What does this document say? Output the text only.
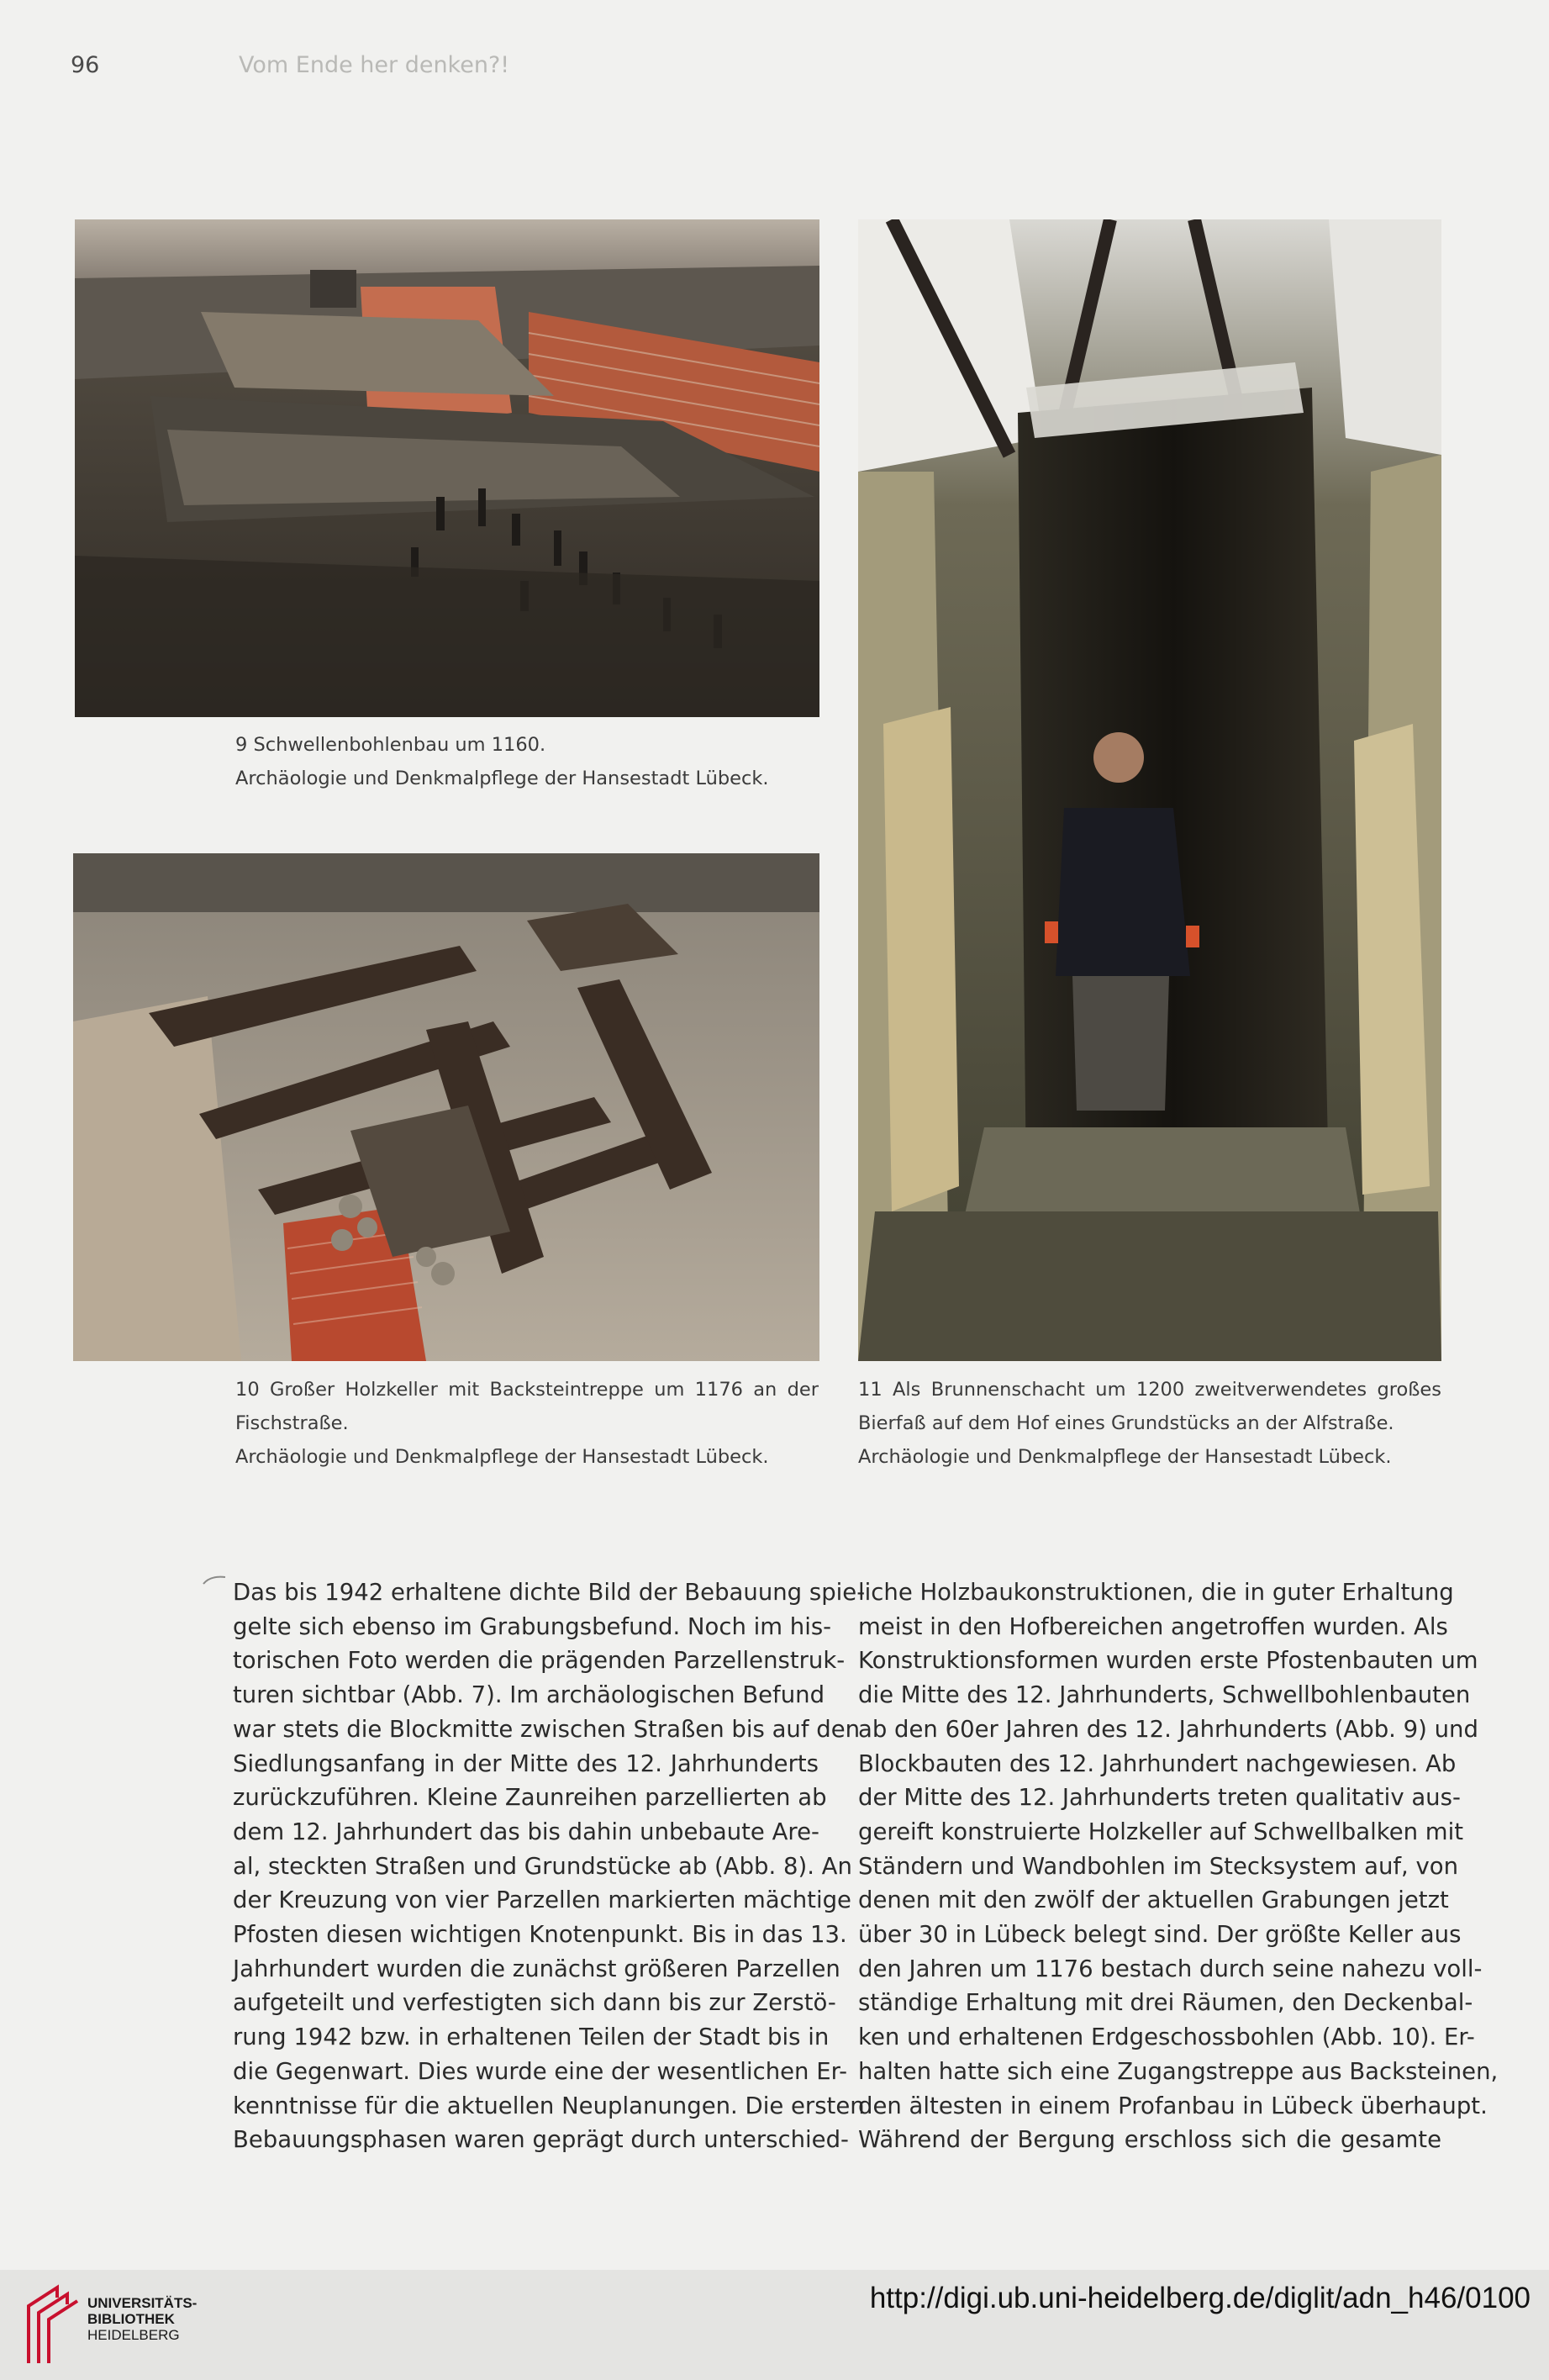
96	Vom Ende her denken?!
9 Schwellenbohlenbau um 1160.
Archäologie und Denkmalpflege der Hansestadt Lübeck.
10 Großer Holzkeller mit Backsteintreppe um 1176 an der
Fischstraße.
Archäologie und Denkmalpflege der Hansestadt Lübeck.
11 Als Brunnenschacht um 1200 zweitverwendetes großes
Bierfaß auf dem Hof eines Grundstücks an der Alfstraße.
Archäologie und Denkmalpflege der Hansestadt Lübeck.
Das bis 1942 erhaltene dichte Bild der Bebauung spie-
gelte sich ebenso im Grabungsbefund. Noch im his-
torischen Foto werden die prägenden Parzellenstruk-
turen sichtbar (Abb. 7). Im archäologischen Befund
war stets die Blockmitte zwischen Straßen bis auf den
Siedlungsanfang in der Mitte des 12. Jahrhunderts
zurückzuführen. Kleine Zaunreihen parzellierten ab
dem 12. Jahrhundert das bis dahin unbebaute Are-
al, steckten Straßen und Grundstücke ab (Abb. 8). An
der Kreuzung von vier Parzellen markierten mächtige
Pfosten diesen wichtigen Knotenpunkt. Bis in das 13.
Jahrhundert wurden die zunächst größeren Parzellen
aufgeteilt und verfestigten sich dann bis zur Zerstö-
rung 1942 bzw. in erhaltenen Teilen der Stadt bis in
die Gegenwart. Dies wurde eine der wesentlichen Er-
kenntnisse für die aktuellen Neuplanungen. Die ersten
Bebauungsphasen waren geprägt durch unterschied-
liche Holzbaukonstruktionen, die in guter Erhaltung
meist in den Hofbereichen angetroffen wurden. Als
Konstruktionsformen wurden erste Pfostenbauten um
die Mitte des 12. Jahrhunderts, Schwellbohlenbauten
ab den 60er Jahren des 12. Jahrhunderts (Abb. 9) und
Blockbauten des 12. Jahrhundert nachgewiesen. Ab
der Mitte des 12. Jahrhunderts treten qualitativ aus-
gereift konstruierte Holzkeller auf Schwellbalken mit
Ständern und Wandbohlen im Stecksystem auf, von
denen mit den zwölf der aktuellen Grabungen jetzt
über 30 in Lübeck belegt sind. Der größte Keller aus
den Jahren um 1176 bestach durch seine nahezu voll-
ständige Erhaltung mit drei Räumen, den Deckenbal-
ken und erhaltenen Erdgeschossbohlen (Abb. 10). Er-
halten hatte sich eine Zugangstreppe aus Backsteinen,
den ältesten in einem Profanbau in Lübeck überhaupt.
Während der Bergung erschloss sich die gesamte
UNIVERSITÄTS-
BIBLIOTHEK
HEIDELBERG
http://digi.ub.uni-heidelberg.de/diglit/adn_h46/0100
